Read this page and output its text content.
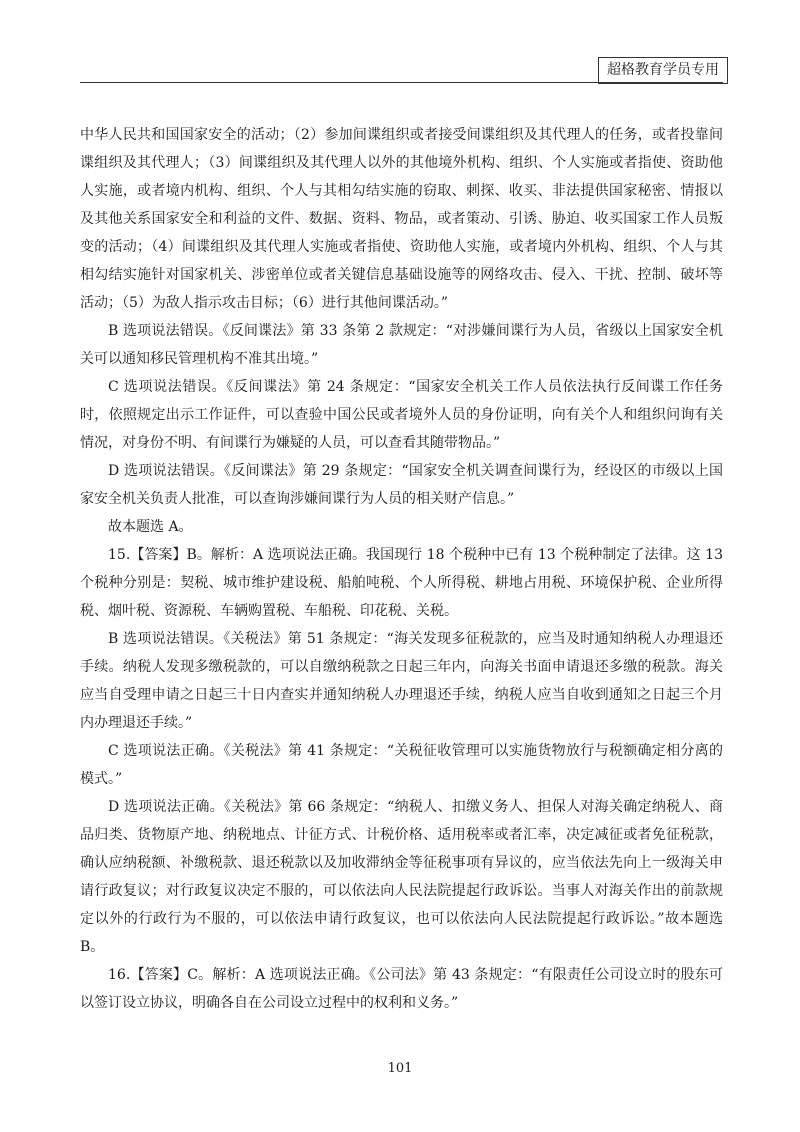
超格教育学员专用

中华人民共和国国家安全的活动；（2）参加间谍组织或者接受间谍组织及其代理人的任务，或者投靠间谍组织及其代理人；（3）间谍组织及其代理人以外的其他境外机构、组织、个人实施或者指使、资助他人实施，或者境内机构、组织、个人与其相勾结实施的窃取、刺探、收买、非法提供国家秘密、情报以及其他关系国家安全和利益的文件、数据、资料、物品，或者策动、引诱、胁迫、收买国家工作人员叛变的活动；（4）间谍组织及其代理人实施或者指使、资助他人实施，或者境内外机构、组织、个人与其相勾结实施针对国家机关、涉密单位或者关键信息基础设施等的网络攻击、侵入、干扰、控制、破坏等活动；（5）为敌人指示攻击目标；（6）进行其他间谍活动。”

B 选项说法错误。《反间谍法》第 33 条第 2 款规定：“对涉嫌间谍行为人员，省级以上国家安全机关可以通知移民管理机构不准其出境。”

C 选项说法错误。《反间谍法》第 24 条规定：“国家安全机关工作人员依法执行反间谍工作任务时，依照规定出示工作证件，可以查验中国公民或者境外人员的身份证明，向有关个人和组织问询有关情况，对身份不明、有间谍行为嫌疑的人员，可以查看其随带物品。”

D 选项说法错误。《反间谍法》第 29 条规定：“国家安全机关调查间谍行为，经设区的市级以上国家安全机关负责人批准，可以查询涉嫌间谍行为人员的相关财产信息。”

故本题选 A。

15.【答案】B。解析：A 选项说法正确。我国现行 18 个税种中已有 13 个税种制定了法律。这 13 个税种分别是：契税、城市维护建设税、船舶吨税、个人所得税、耕地占用税、环境保护税、企业所得税、烟叶税、资源税、车辆购置税、车船税、印花税、关税。

B 选项说法错误。《关税法》第 51 条规定：“海关发现多征税款的，应当及时通知纳税人办理退还手续。纳税人发现多缴税款的，可以自缴纳税款之日起三年内，向海关书面申请退还多缴的税款。海关应当自受理申请之日起三十日内查实并通知纳税人办理退还手续，纳税人应当自收到通知之日起三个月内办理退还手续。”

C 选项说法正确。《关税法》第 41 条规定：“关税征收管理可以实施货物放行与税额确定相分离的模式。”

D 选项说法正确。《关税法》第 66 条规定：“纳税人、扣缴义务人、担保人对海关确定纳税人、商品归类、货物原产地、纳税地点、计征方式、计税价格、适用税率或者汇率，决定减征或者免征税款，确认应纳税额、补缴税款、退还税款以及加收滞纳金等征税事项有异议的，应当依法先向上一级海关申请行政复议；对行政复议决定不服的，可以依法向人民法院提起行政诉讼。当事人对海关作出的前款规定以外的行政行为不服的，可以依法申请行政复议，也可以依法向人民法院提起行政诉讼。”故本题选 B。

16.【答案】C。解析：A 选项说法正确。《公司法》第 43 条规定：“有限责任公司设立时的股东可以签订设立协议，明确各自在公司设立过程中的权利和义务。”

101
